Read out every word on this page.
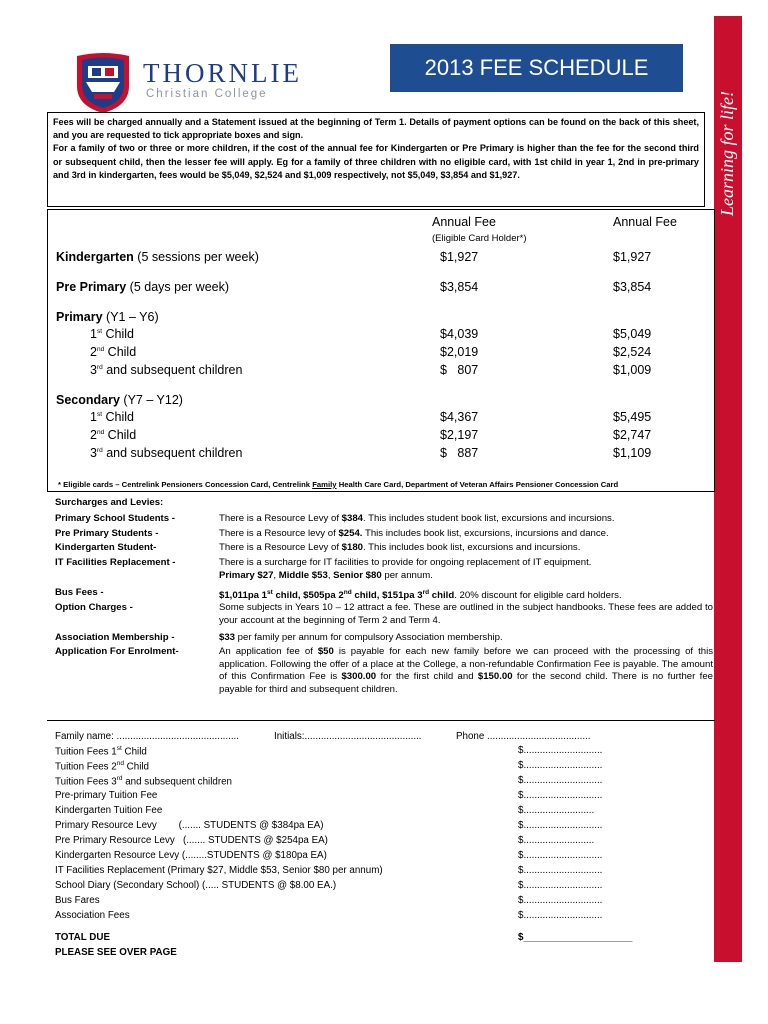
THORNLIE
Christian College
2013 FEE SCHEDULE
Learning for life!
Fees will be charged annually and a Statement issued at the beginning of Term 1. Details of payment options can be found on the back of this sheet, and you are requested to tick appropriate boxes and sign.
For a family of two or three or more children, if the cost of the annual fee for Kindergarten or Pre Primary is higher than the fee for the second third or subsequent child, then the lesser fee will apply. Eg for a family of three children with no eligible card, with 1st child in year 1, 2nd in pre-primary and 3rd in kindergarten, fees would be $5,049, $2,524 and $1,009 respectively, not $5,049, $3,854 and $1,927.
Annual Fee
(Eligible Card Holder*)
Annual Fee
Kindergarten (5 sessions per week)	$1,927	$1,927
Pre Primary (5 days per week)	$3,854	$3,854
Primary (Y1 – Y6)
1st Child	$4,039	$5,049
2nd Child	$2,019	$2,524
3rd and subsequent children	$   807	$1,009
Secondary (Y7 – Y12)
1st Child	$4,367	$5,495
2nd Child	$2,197	$2,747
3rd and subsequent children	$   887	$1,109
* Eligible cards – Centrelink Pensioners Concession Card, Centrelink Family Health Care Card, Department of Veteran Affairs Pensioner Concession Card
Surcharges and Levies:
Primary School Students -	There is a Resource Levy of $384. This includes student book list, excursions and incursions.
Pre Primary Students -	There is a Resource levy of $254. This includes book list, excursions, incursions and dance.
Kindergarten Student-	There is a Resource Levy of $180. This includes book list, excursions and incursions.
IT Facilities Replacement -	There is a surcharge for IT facilities to provide for ongoing replacement of IT equipment.
Primary $27, Middle $53, Senior $80 per annum.
Bus Fees -	$1,011pa 1st child, $505pa 2nd child, $151pa 3rd child. 20% discount for eligible card holders.
Option Charges -	Some subjects in Years 10 – 12 attract a fee. These are outlined in the subject handbooks. These fees are added to your account at the beginning of Term 2 and Term 4.
Association Membership -	$33 per family per annum for compulsory Association membership.
Application For Enrolment-	An application fee of $50 is payable for each new family before we can proceed with the processing of this application. Following the offer of a place at the College, a non-refundable Confirmation Fee is payable. The amount of this Confirmation Fee is $300.00 for the first child and $150.00 for the second child. There is no further fee payable for third and subsequent children.
Family name: .............................................	Initials:...........................................	Phone ......................................
Tuition Fees 1st Child	$.............................
Tuition Fees 2nd Child	$.............................
Tuition Fees 3rd and subsequent children	$.............................
Pre-primary Tuition Fee	$.............................
Kindergarten Tuition Fee	$..........................
Primary Resource Levy        (....... STUDENTS @ $384pa EA)	$.............................
Pre Primary Resource Levy   (....... STUDENTS @ $254pa EA)	$..........................
Kindergarten Resource Levy (........STUDENTS @ $180pa EA)	$.............................
IT Facilities Replacement (Primary $27, Middle $53, Senior $80 per annum)	$.............................
School Diary (Secondary School) (..... STUDENTS @ $8.00 EA.)	$.............................
Bus Fares	$.............................
Association Fees	$.............................
TOTAL DUE	$____________________
PLEASE SEE OVER PAGE
